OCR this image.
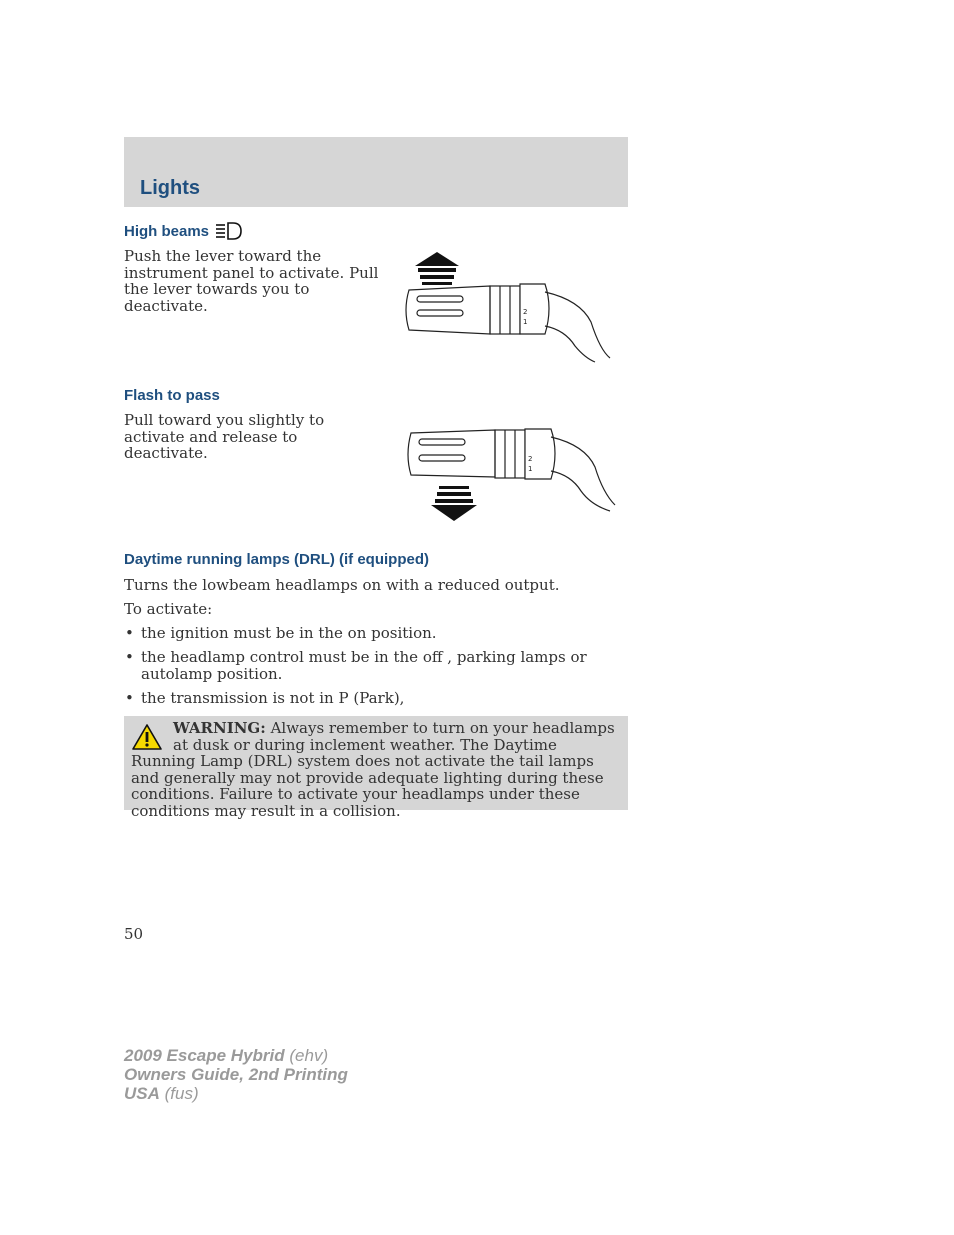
Lights
High beams
Push the lever toward the instrument panel to activate. Pull the lever towards you to deactivate.	2
1
Flash to pass
Pull toward you slightly to activate and release to deactivate.	2
1
Daytime running lamps (DRL) (if equipped)
Turns the lowbeam headlamps on with a reduced output.
To activate:
• the ignition must be in the on position.
• the headlamp control must be in the off , parking lamps or autolamp position.
• the transmission is not in P (Park),
WARNING: Always remember to turn on your headlamps at dusk or during inclement weather. The Daytime Running Lamp (DRL) system does not activate the tail lamps and generally may not provide adequate lighting during these conditions. Failure to activate your headlamps under these conditions may result in a collision.
50
2009 Escape Hybrid (ehv)
Owners Guide, 2nd Printing
USA (fus)
